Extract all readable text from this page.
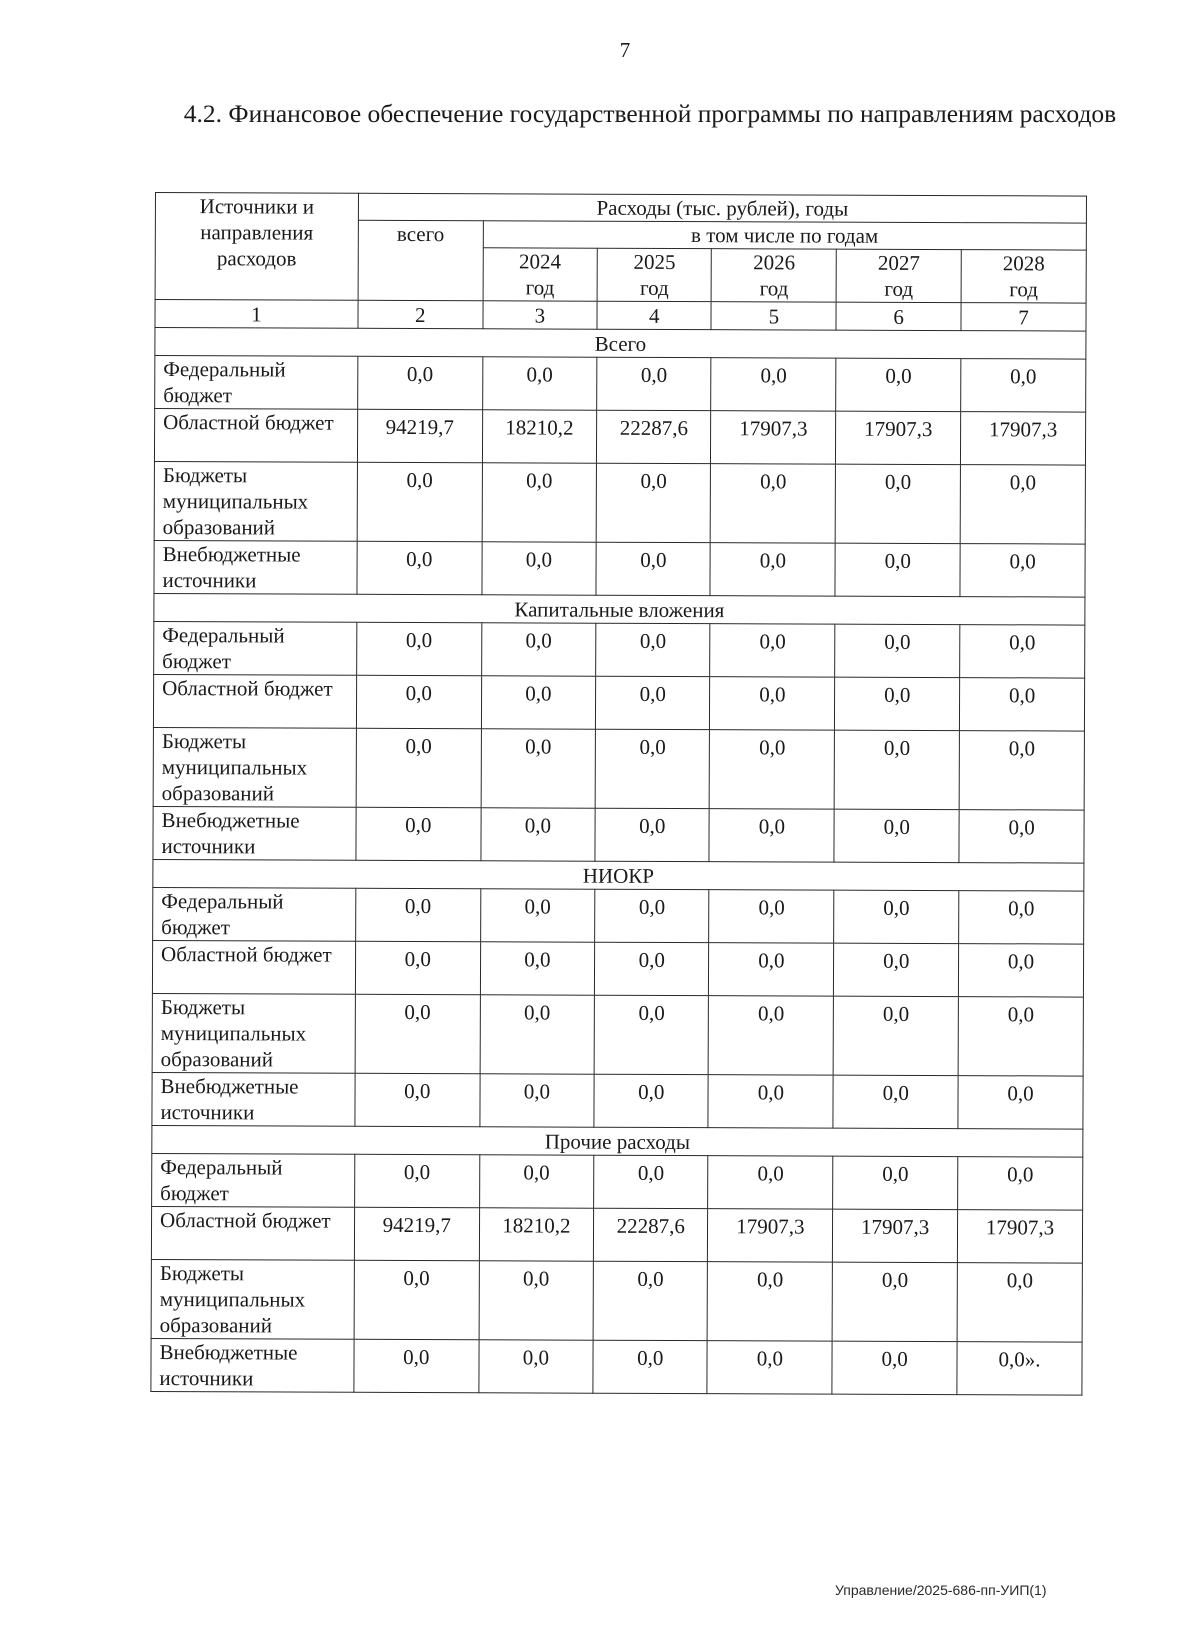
7
4.2. Финансовое обеспечение государственной программы по направлениям расходов
Источники и направления расходов	Расходы (тыс. рублей), годы					
	всего	в том числе по годам				
		2024 год	2025 год	2026 год	2027 год	2028 год
1	2	3	4	5	6	7
Всего						
Федеральный бюджет	0,0	0,0	0,0	0,0	0,0	0,0
Областной бюджет	94219,7	18210,2	22287,6	17907,3	17907,3	17907,3
Бюджеты муниципальных образований	0,0	0,0	0,0	0,0	0,0	0,0
Внебюджетные источники	0,0	0,0	0,0	0,0	0,0	0,0
Капитальные вложения						
Федеральный бюджет	0,0	0,0	0,0	0,0	0,0	0,0
Областной бюджет	0,0	0,0	0,0	0,0	0,0	0,0
Бюджеты муниципальных образований	0,0	0,0	0,0	0,0	0,0	0,0
Внебюджетные источники	0,0	0,0	0,0	0,0	0,0	0,0
НИОКР						
Федеральный бюджет	0,0	0,0	0,0	0,0	0,0	0,0
Областной бюджет	0,0	0,0	0,0	0,0	0,0	0,0
Бюджеты муниципальных образований	0,0	0,0	0,0	0,0	0,0	0,0
Внебюджетные источники	0,0	0,0	0,0	0,0	0,0	0,0
Прочие расходы						
Федеральный бюджет	0,0	0,0	0,0	0,0	0,0	0,0
Областной бюджет	94219,7	18210,2	22287,6	17907,3	17907,3	17907,3
Бюджеты муниципальных образований	0,0	0,0	0,0	0,0	0,0	0,0
Внебюджетные источники	0,0	0,0	0,0	0,0	0,0	0,0».
Управление/2025-686-пп-УИП(1)
